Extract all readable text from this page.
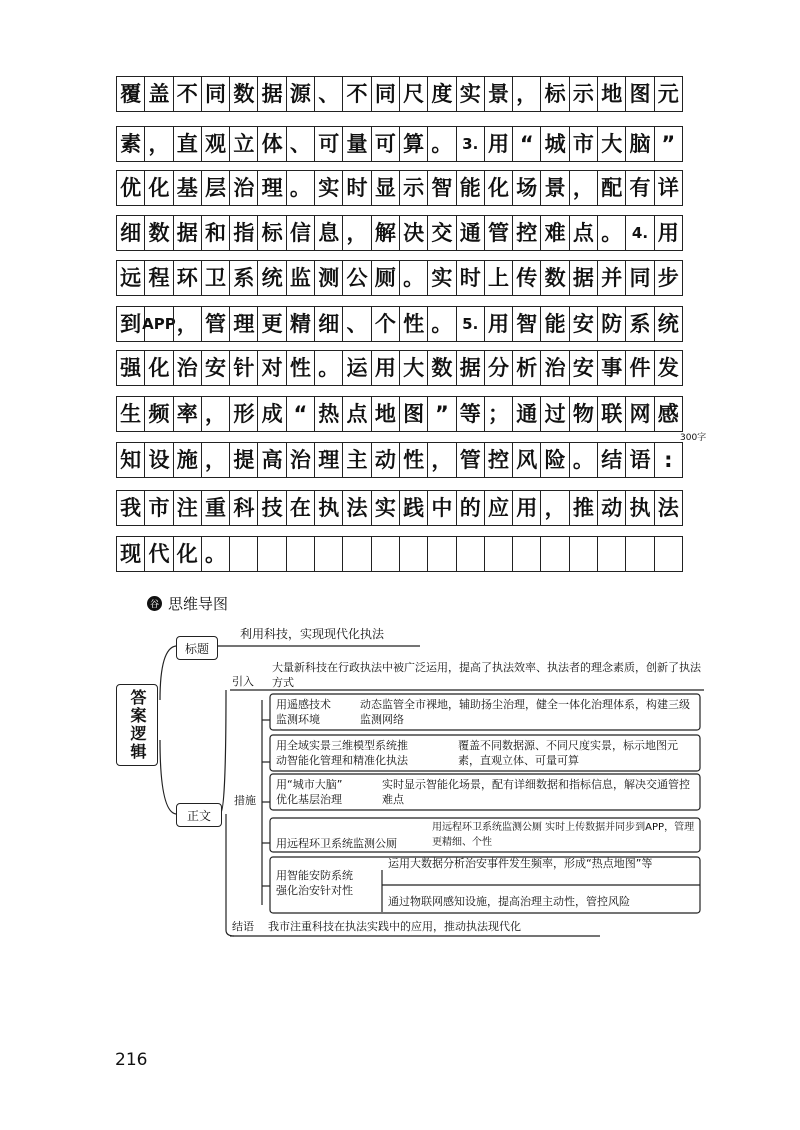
覆 盖 不 同 数 据 源 、 不 同 尺 度 实 景 ， 标 示 地 图 元
素 ， 直 观 立 体 、 可 量 可 算 。 3. 用 “ 城 市 大 脑 ”
优 化 基 层 治 理 。 实 时 显 示 智 能 化 场 景 ， 配 有 详
细 数 据 和 指 标 信 息 ， 解 决 交 通 管 控 难 点 。 4. 用
远 程 环 卫 系 统 监 测 公 厕 。 实 时 上 传 数 据 并 同 步
到 APP ， 管 理 更 精 细 、 个 性 。 5. 用 智 能 安 防 系 统
强 化 治 安 针 对 性 。 运 用 大 数 据 分 析 治 安 事 件 发
生 频 率 ， 形 成 “ 热 点 地 图 ” 等 ； 通 过 物 联 网 感
知 设 施 ， 提 高 治 理 主 动 性 ， 管 控 风 险 。 结 语 :
我 市 注 重 科 技 在 执 法 实 践 中 的 应 用 ， 推 动 执 法
现 代 化 。
300字
谷 思维导图
答案逻辑
标题
利用科技，实现现代化执法
正文
引入
大量新科技在行政执法中被广泛运用，提高了执法效率、执法者的理念素质，创新了执法方式
措施
用遥感技术
监测环境
动态监管全市裸地，辅助扬尘治理，健全一体化治理体系，构建三级监测网络
用全域实景三维模型系统推
动智能化管理和精准化执法
覆盖不同数据源、不同尺度实景，标示地图元素，直观立体、可量可算
用“城市大脑”
优化基层治理
实时显示智能化场景，配有详细数据和指标信息，解决交通管控难点
用远程环卫系统监测公厕
用远程环卫系统监测公厕 实时上传数据并同步到APP，管理更精细、个性
用智能安防系统
强化治安针对性
运用大数据分析治安事件发生频率，形成“热点地图”等
通过物联网感知设施，提高治理主动性，管控风险
结语 我市注重科技在执法实践中的应用，推动执法现代化
216
